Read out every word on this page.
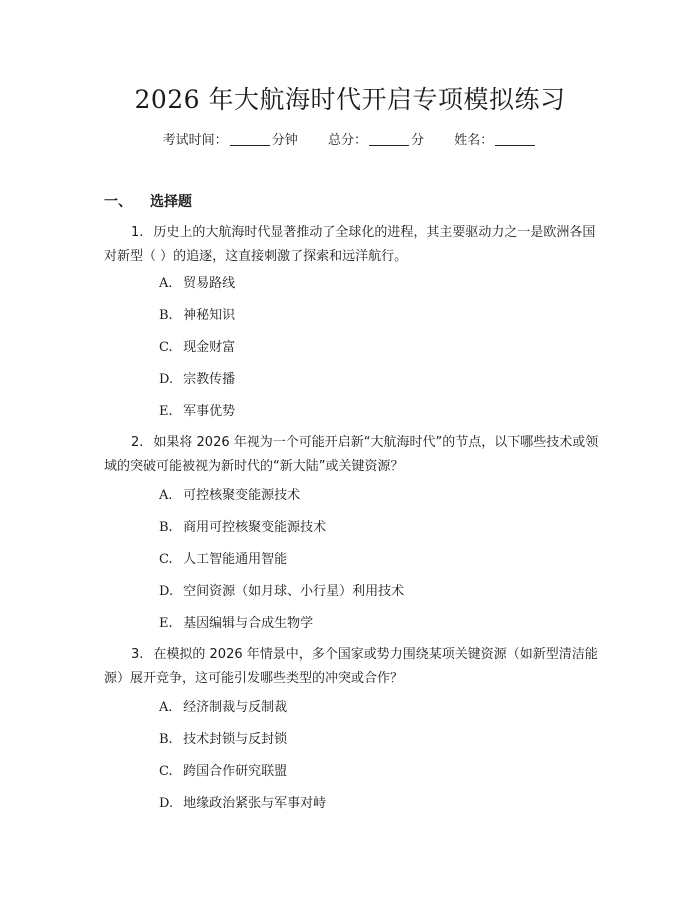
2026 年大航海时代开启专项模拟练习
考试时间：	分钟 总分：	分 姓名：
一、 选择题
1. 历史上的大航海时代显著推动了全球化的进程，其主要驱动力之一是欧洲各国对新型（ ）的追逐，这直接刺激了探索和远洋航行。
A. 贸易路线
B. 神秘知识
C. 现金财富
D. 宗教传播
E. 军事优势
2. 如果将 2026 年视为一个可能开启新“大航海时代”的节点，以下哪些技术或领域的突破可能被视为新时代的“新大陆”或关键资源？
A. 可控核聚变能源技术
B. 商用可控核聚变能源技术
C. 人工智能通用智能
D. 空间资源（如月球、小行星）利用技术
E. 基因编辑与合成生物学
3. 在模拟的 2026 年情景中，多个国家或势力围绕某项关键资源（如新型清洁能源）展开竞争，这可能引发哪些类型的冲突或合作？
A. 经济制裁与反制裁
B. 技术封锁与反封锁
C. 跨国合作研究联盟
D. 地缘政治紧张与军事对峙
